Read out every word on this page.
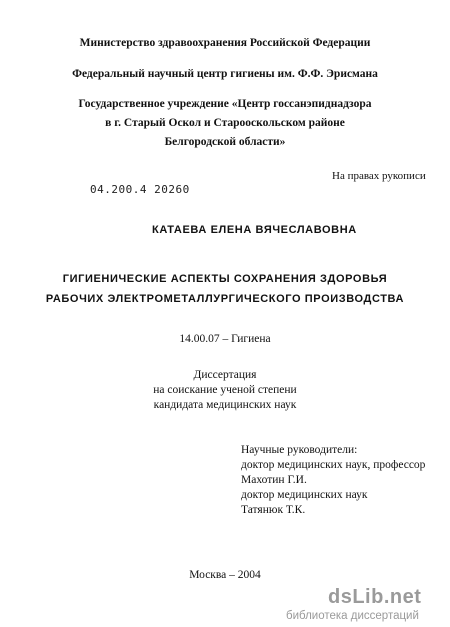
Министерство здравоохранения Российской Федерации
Федеральный научный центр гигиены им. Ф.Ф. Эрисмана
Государственное учреждение «Центр госсанэпиднадзора
в г. Старый Оскол и Старооскольском районе
Белгородской области»
На правах рукописи
04.200.4 20260
КАТАЕВА ЕЛЕНА ВЯЧЕСЛАВОВНА
ГИГИЕНИЧЕСКИЕ АСПЕКТЫ СОХРАНЕНИЯ ЗДОРОВЬЯ
РАБОЧИХ ЭЛЕКТРОМЕТАЛЛУРГИЧЕСКОГО ПРОИЗВОДСТВА
14.00.07 – Гигиена
Диссертация
на соискание ученой степени
кандидата медицинских наук
Научные руководители:
доктор медицинских наук, профессор
Махотин Г.И.
доктор медицинских наук
Татянюк Т.К.
Москва – 2004
dsLib.net
библиотека диссертаций
